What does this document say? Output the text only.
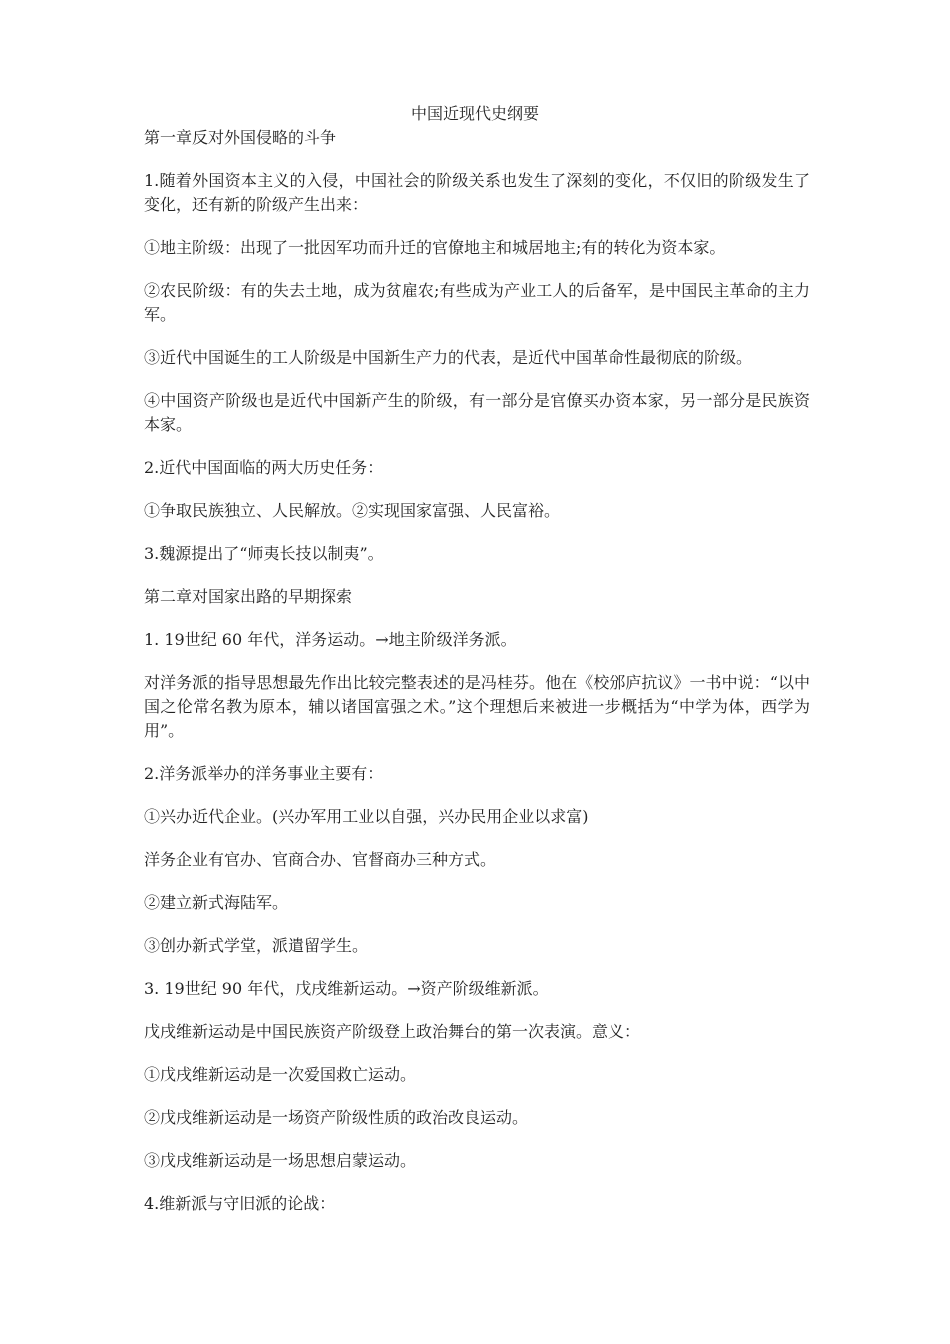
中国近现代史纲要
第一章反对外国侵略的斗争

1.随着外国资本主义的入侵，中国社会的阶级关系也发生了深刻的变化，不仅旧的阶级发生了变化，还有新的阶级产生出来：

①地主阶级：出现了一批因军功而升迁的官僚地主和城居地主;有的转化为资本家。

②农民阶级：有的失去土地，成为贫雇农;有些成为产业工人的后备军，是中国民主革命的主力军。

③近代中国诞生的工人阶级是中国新生产力的代表，是近代中国革命性最彻底的阶级。

④中国资产阶级也是近代中国新产生的阶级，有一部分是官僚买办资本家，另一部分是民族资本家。

2.近代中国面临的两大历史任务：

①争取民族独立、人民解放。②实现国家富强、人民富裕。

3.魏源提出了“师夷长技以制夷”。

第二章对国家出路的早期探索

1. 19世纪 60 年代，洋务运动。→地主阶级洋务派。

对洋务派的指导思想最先作出比较完整表述的是冯桂芬。他在《校邠庐抗议》一书中说：“以中国之伦常名教为原本，辅以诸国富强之术。”这个理想后来被进一步概括为“中学为体，西学为用”。

2.洋务派举办的洋务事业主要有：

①兴办近代企业。(兴办军用工业以自强，兴办民用企业以求富)

洋务企业有官办、官商合办、官督商办三种方式。

②建立新式海陆军。

③创办新式学堂，派遣留学生。

3. 19世纪 90 年代，戊戌维新运动。→资产阶级维新派。

戊戌维新运动是中国民族资产阶级登上政治舞台的第一次表演。意义：

①戊戌维新运动是一次爱国救亡运动。

②戊戌维新运动是一场资产阶级性质的政治改良运动。

③戊戌维新运动是一场思想启蒙运动。

4.维新派与守旧派的论战：
